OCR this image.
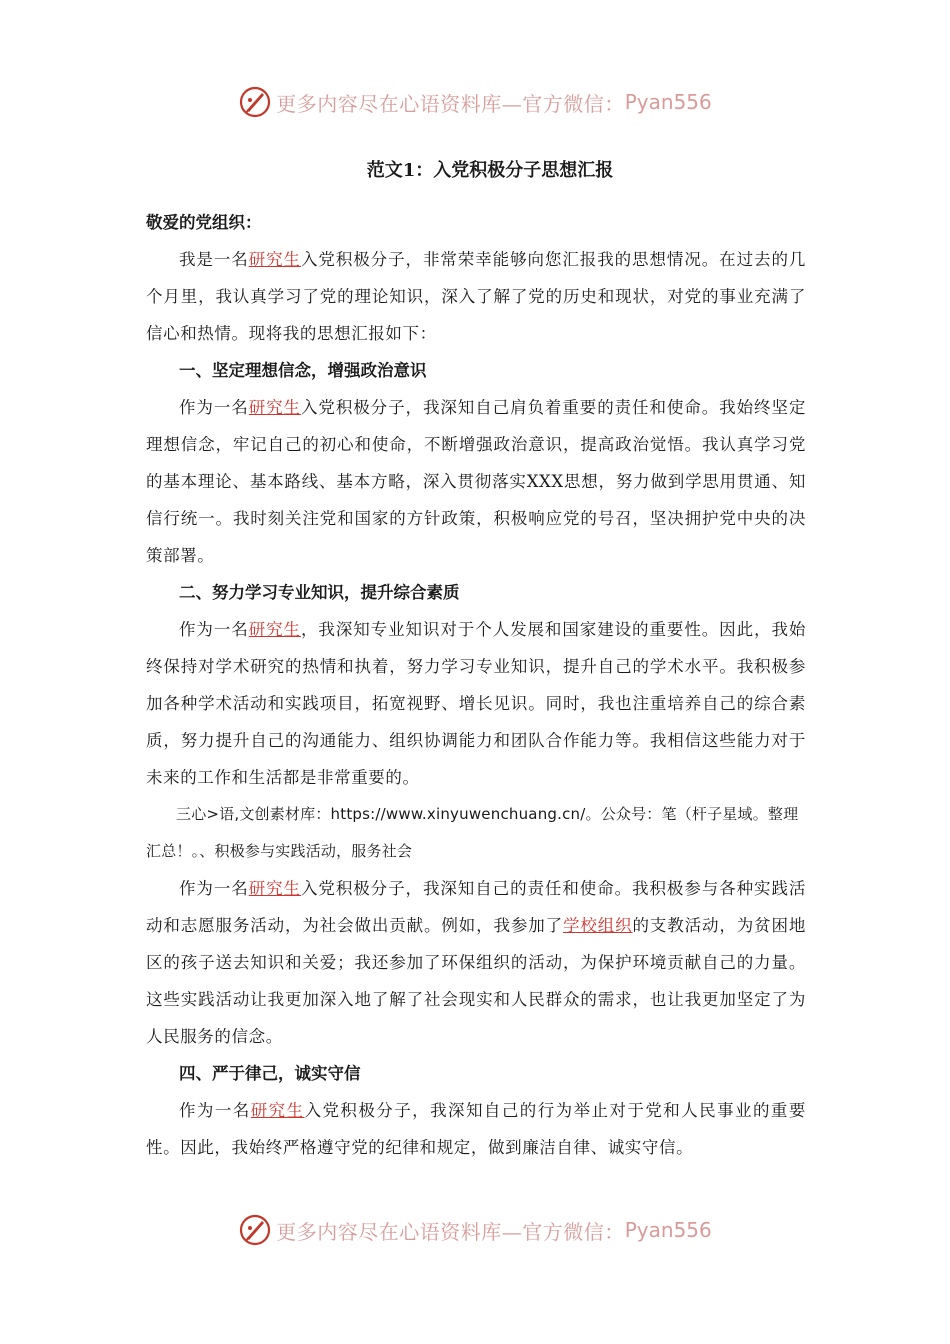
更多内容尽在心语资料库—官方微信： Pyan556
范文1：入党积极分子思想汇报

敬爱的党组织：

我是一名研究生入党积极分子，非常荣幸能够向您汇报我的思想情况。在过去的几个月里，我认真学习了党的理论知识，深入了解了党的历史和现状，对党的事业充满了信心和热情。现将我的思想汇报如下：

一、坚定理想信念，增强政治意识

作为一名研究生入党积极分子，我深知自己肩负着重要的责任和使命。我始终坚定理想信念，牢记自己的初心和使命，不断增强政治意识，提高政治觉悟。我认真学习党的基本理论、基本路线、基本方略，深入贯彻落实XXX思想，努力做到学思用贯通、知信行统一。我时刻关注党和国家的方针政策，积极响应党的号召，坚决拥护党中央的决策部署。

二、努力学习专业知识，提升综合素质

作为一名研究生，我深知专业知识对于个人发展和国家建设的重要性。因此，我始终保持对学术研究的热情和执着，努力学习专业知识，提升自己的学术水平。我积极参加各种学术活动和实践项目，拓宽视野、增长见识。同时，我也注重培养自己的综合素质，努力提升自己的沟通能力、组织协调能力和团队合作能力等。我相信这些能力对于未来的工作和生活都是非常重要的。

三心>语,文创素材库：https://www.xinyuwenchuang.cn/。公众号：笔（杆子星域。整理汇总！。、积极参与实践活动，服务社会

作为一名研究生入党积极分子，我深知自己的责任和使命。我积极参与各种实践活动和志愿服务活动，为社会做出贡献。例如，我参加了学校组织的支教活动，为贫困地区的孩子送去知识和关爱；我还参加了环保组织的活动，为保护环境贡献自己的力量。这些实践活动让我更加深入地了解了社会现实和人民群众的需求，也让我更加坚定了为人民服务的信念。

四、严于律己，诚实守信

作为一名研究生入党积极分子，我深知自己的行为举止对于党和人民事业的重要性。因此，我始终严格遵守党的纪律和规定，做到廉洁自律、诚实守信。

更多内容尽在心语资料库—官方微信： Pyan556
